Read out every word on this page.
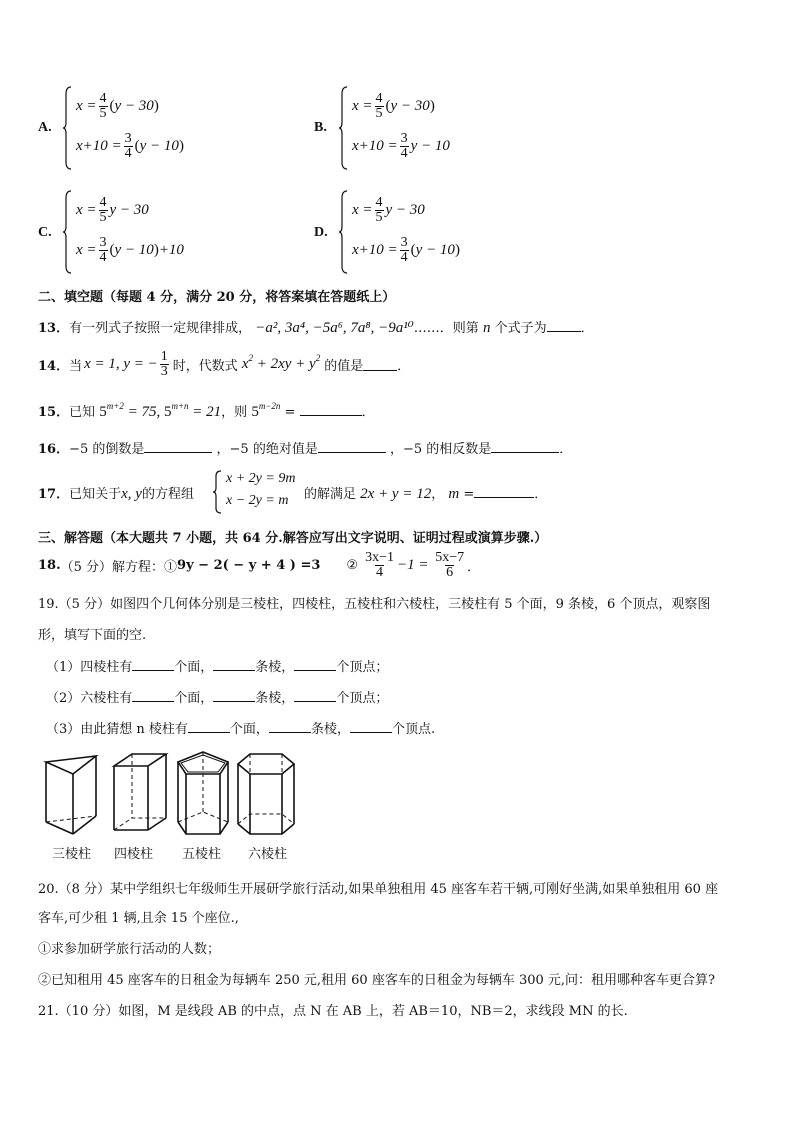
A.
$x = \frac{4}{5}$ ( y − 30 )
$x+10 = \frac{3}{4}$ ( y − 10 )
B.
$x = \frac{4}{5}$ ( y − 30 )
$x+10 = \frac{3}{4}$ y − 10
C.
$x = \frac{4}{5}$ y − 30
$x = \frac{3}{4}$ ( y − 10 ) +10
D.
$x = \frac{4}{5}$ y − 30
$x+10 = \frac{3}{4}$ ( y − 10 )
二、填空题（每题 4 分，满分 20 分，将答案填在答题纸上）
13．有一列式子按照一定规律排成， −a², 3a⁴, −5a⁶, 7a⁸, −9a¹⁰……．则第 n 个式子为	．
14． 当 x = 1, y = − $\frac{1}{3}$ 时，代数式 $x^2 + 2xy + y^2$
的值是	．
15．已知 $5^{m+2} = 75$, $5^{m+n} = 21$，则 $5^{m-2n}$ =	．
16．−5 的倒数是	，−5 的绝对值是	，−5 的相反数是	．
17．已知关于x, y的方程组
x + 2y = 9m
x − 2y = m 的解满足 2x + y = 12， m =	．
三、解答题（本大题共 7 小题，共 64 分.解答应写出文字说明、证明过程或演算步骤.）
18. （5 分）解方程：① 9y − 2( − y + 4 ) =3 ② $\frac{3x-1}{4} -1 = \frac{5x-7}{6}$ ．
19.（5 分）如图四个几何体分别是三棱柱，四棱柱，五棱柱和六棱柱，三棱柱有 5 个面，9 条棱，6 个顶点，观察图
形，填写下面的空.
（1）四棱柱有	个面，	条棱，	个顶点；
（2）六棱柱有	个面，	条棱，	个顶点；
（3）由此猜想 n 棱柱有	个面，	条棱，	个顶点.
三棱柱 四棱柱 五棱柱 六棱柱
20.（8 分）某中学组织七年级师生开展研学旅行活动,如果单独租用 45 座客车若干辆,可刚好坐满,如果单独租用 60 座
客车,可少租 1 辆,且余 15 个座位.,
①求参加研学旅行活动的人数；
②已知租用 45 座客车的日租金为每辆车 250 元,租用 60 座客车的日租金为每辆车 300 元,问：租用哪种客车更合算?
21.（10 分）如图，M 是线段 AB 的中点，点 N 在 AB 上，若 AB＝10，NB＝2，求线段 MN 的长.
